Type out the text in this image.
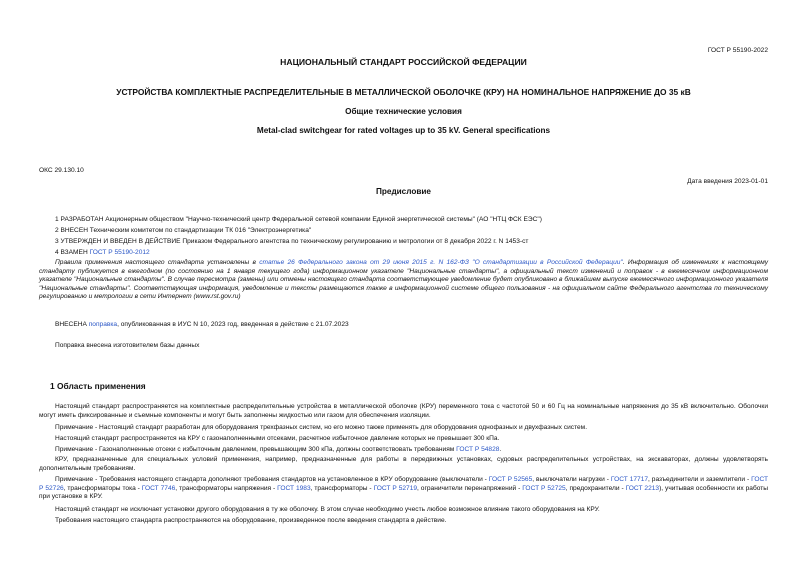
ГОСТ Р 55190-2022
НАЦИОНАЛЬНЫЙ СТАНДАРТ РОССИЙСКОЙ ФЕДЕРАЦИИ
УСТРОЙСТВА КОМПЛЕКТНЫЕ РАСПРЕДЕЛИТЕЛЬНЫЕ В МЕТАЛЛИЧЕСКОЙ ОБОЛОЧКЕ (КРУ) НА НОМИНАЛЬНОЕ НАПРЯЖЕНИЕ ДО 35 кВ
Общие технические условия
Metal-clad switchgear for rated voltages up to 35 kV. General specifications
ОКС 29.130.10
Дата введения 2023-01-01
Предисловие
1 РАЗРАБОТАН Акционерным обществом "Научно-технический центр Федеральной сетевой компании Единой энергетической системы" (АО "НТЦ ФСК ЕЭС")
2 ВНЕСЕН Техническим комитетом по стандартизации ТК 016 "Электроэнергетика"
3 УТВЕРЖДЕН И ВВЕДЕН В ДЕЙСТВИЕ Приказом Федерального агентства по техническому регулированию и метрологии от 8 декабря 2022 г. N 1453-ст
4 ВЗАМЕН ГОСТ Р 55190-2012
Правила применения настоящего стандарта установлены в статье 26 Федерального закона от 29 июня 2015 г. N 162-ФЗ "О стандартизации в Российской Федерации". Информация об изменениях к настоящему стандарту публикуется в ежегодном (по состоянию на 1 января текущего года) информационном указателе "Национальные стандарты", а официальный текст изменений и поправок - в ежемесячном информационном указателе "Национальные стандарты". В случае пересмотра (замены) или отмены настоящего стандарта соответствующее уведомление будет опубликовано в ближайшем выпуске ежемесячного информационного указателя "Национальные стандарты". Соответствующая информация, уведомление и тексты размещаются также в информационной системе общего пользования - на официальном сайте Федерального агентства по техническому регулированию и метрологии в сети Интернет (www.rst.gov.ru)
ВНЕСЕНА поправка, опубликованная в ИУС N 10, 2023 год, введенная в действие с 21.07.2023
Поправка внесена изготовителем базы данных
1 Область применения
Настоящий стандарт распространяется на комплектные распределительные устройства в металлической оболочке (КРУ) переменного тока с частотой 50 и 60 Гц на номинальные напряжения до 35 кВ включительно. Оболочки могут иметь фиксированные и съемные компоненты и могут быть заполнены жидкостью или газом для обеспечения изоляции.
Примечание - Настоящий стандарт разработан для оборудования трехфазных систем, но его можно также применять для оборудования однофазных и двухфазных систем.
Настоящий стандарт распространяется на КРУ с газонаполненными отсеками, расчетное избыточное давление которых не превышает 300 кПа.
Примечание - Газонаполненные отсеки с избыточным давлением, превышающим 300 кПа, должны соответствовать требованиям ГОСТ Р 54828.
КРУ, предназначенные для специальных условий применения, например, предназначенные для работы в передвижных установках, судовых распределительных устройствах, на экскаваторах, должны удовлетворять дополнительным требованиям.
Примечание - Требования настоящего стандарта дополняют требования стандартов на установленное в КРУ оборудование (выключатели - ГОСТ Р 52565, выключатели нагрузки - ГОСТ 17717, разъединители и заземлители - ГОСТ Р 52726, трансформаторы тока - ГОСТ 7746, трансформаторы напряжения - ГОСТ 1983, трансформаторы - ГОСТ Р 52719, ограничители перенапряжений - ГОСТ Р 52725, предохранители - ГОСТ 2213), учитывая особенности их работы при установке в КРУ.
Настоящий стандарт не исключает установки другого оборудования в ту же оболочку. В этом случае необходимо учесть любое возможное влияние такого оборудования на КРУ.
Требования настоящего стандарта распространяются на оборудование, произведенное после введения стандарта в действие.
